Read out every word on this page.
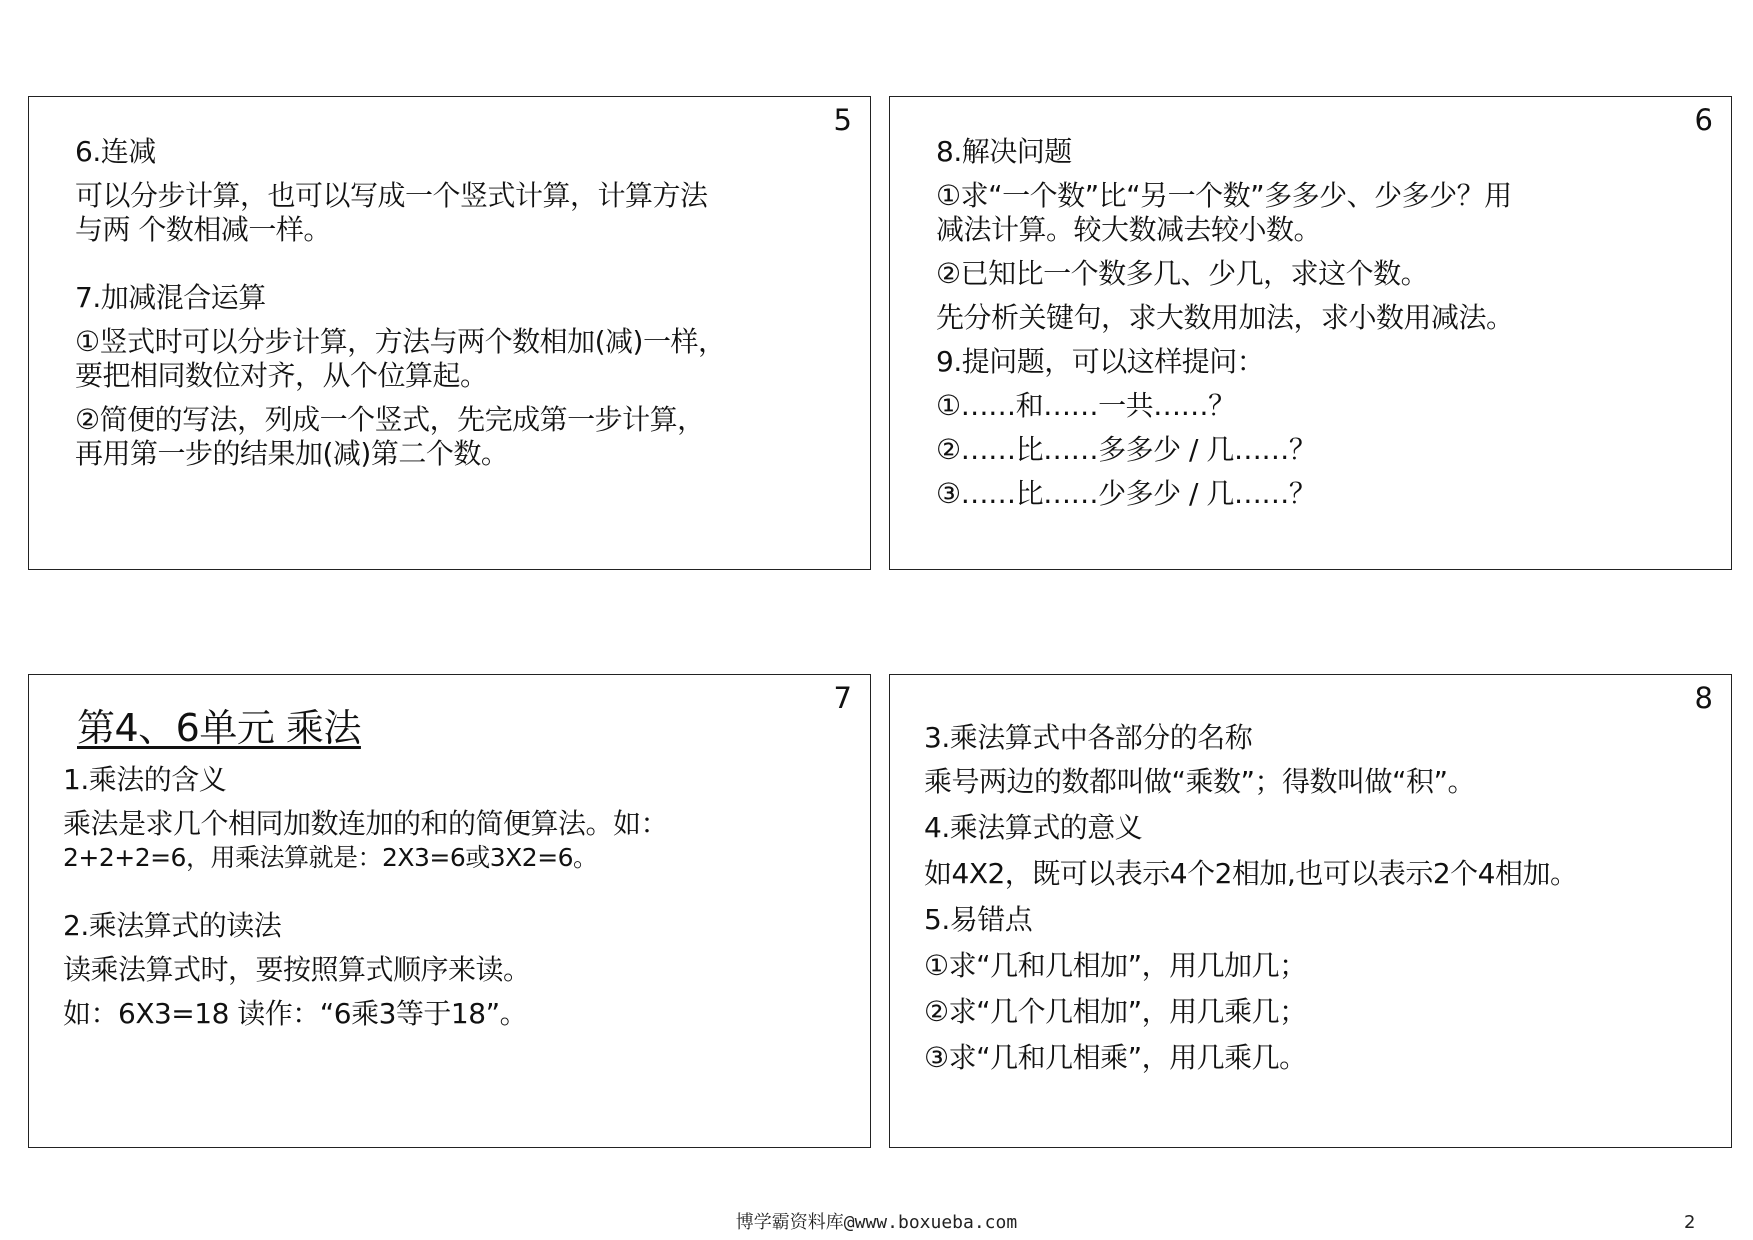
5

6.连减

可以分步计算，也可以写成一个竖式计算，计算方法

与两 个数相减一样。

7.加减混合运算

①竖式时可以分步计算，方法与两个数相加(减)一样，

要把相同数位对齐，从个位算起。

②简便的写法，列成一个竖式，先完成第一步计算，

再用第一步的结果加(减)第二个数。

6

8.解决问题

①求“一个数”比“另一个数”多多少、少多少？用

减法计算。较大数减去较小数。

②已知比一个数多几、少几，求这个数。

先分析关键句，求大数用加法，求小数用减法。

9.提问题，可以这样提问：

①……和……一共……？

②……比……多多少 / 几……？

③……比……少多少 / 几……？

7

第4、6单元 乘法

1.乘法的含义

乘法是求几个相同加数连加的和的简便算法。如：

2+2+2=6，用乘法算就是：2X3=6或3X2=6。

2.乘法算式的读法

读乘法算式时，要按照算式顺序来读。

如：6X3=18 读作：“6乘3等于18”。

8

3.乘法算式中各部分的名称

乘号两边的数都叫做“乘数”；得数叫做“积”。

4.乘法算式的意义

如4X2，既可以表示4个2相加,也可以表示2个4相加。

5.易错点

①求“几和几相加”，用几加几；

②求“几个几相加”，用几乘几；

③求“几和几相乘”，用几乘几。

博学霸资料库@www.boxueba.com	2
